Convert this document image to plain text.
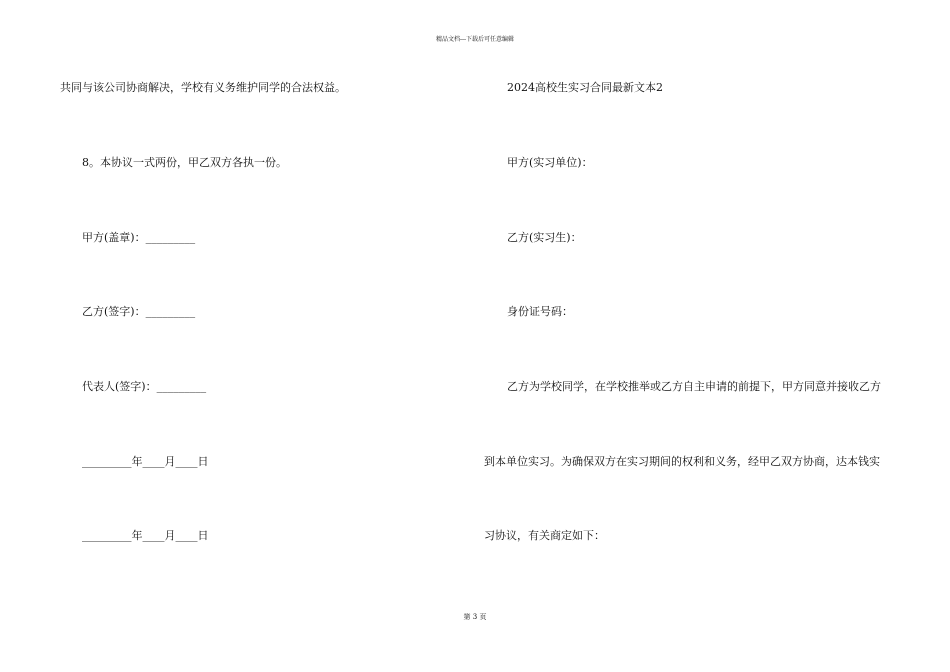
精品文档---下载后可任意编辑
共同与该公司协商解决，学校有义务维护同学的合法权益。
8。本协议一式两份，甲乙双方各执一份。
甲方(盖章)：_________
乙方(签字)：_________
代表人(签字)：_________
_________年____月____日
_________年____月____日
2024高校生实习合同最新文本2
甲方(实习单位)：
乙方(实习生)：
身份证号码：
乙方为学校同学，在学校推举或乙方自主申请的前提下，甲方同意并接收乙方
到本单位实习。为确保双方在实习期间的权利和义务，经甲乙双方协商，达本钱实
习协议，有关商定如下：
第 3 页
